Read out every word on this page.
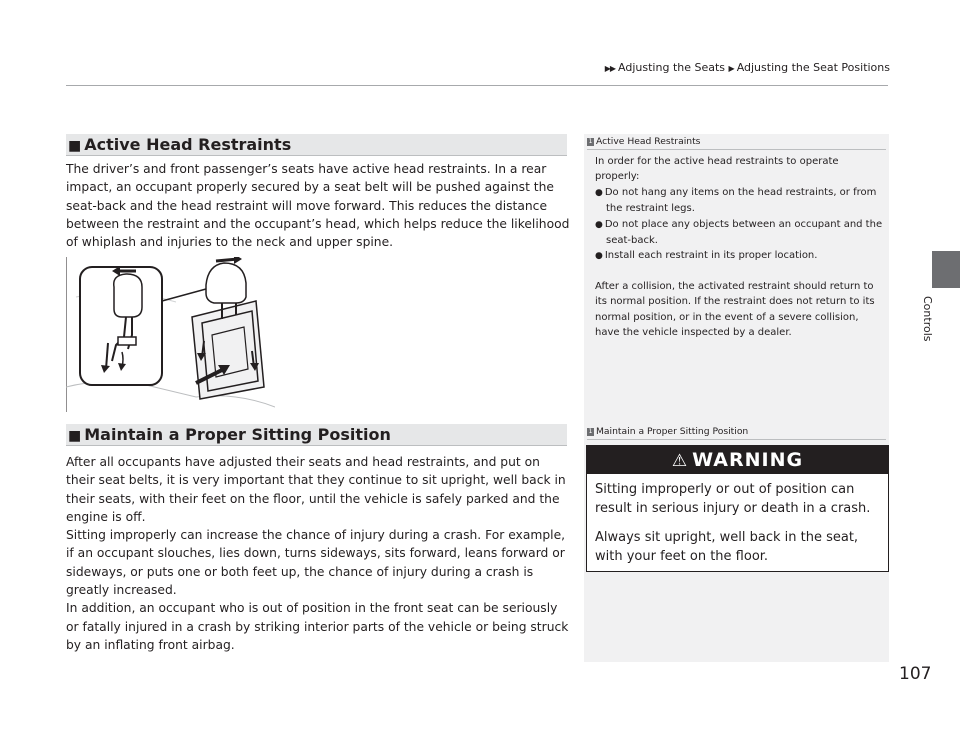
▶▶ Adjusting the Seats ▶ Adjusting the Seat Positions
Controls
■ Active Head Restraints

The driver’s and front passenger’s seats have active head restraints. In a rear impact, an occupant properly secured by a seat belt will be pushed against the seat-back and the head restraint will move forward. This reduces the distance between the restraint and the occupant’s head, which helps reduce the likelihood of whiplash and injuries to the neck and upper spine.

■ Maintain a Proper Sitting Position

After all occupants have adjusted their seats and head restraints, and put on their seat belts, it is very important that they continue to sit upright, well back in their seats, with their feet on the floor, until the vehicle is safely parked and the engine is off.

Sitting improperly can increase the chance of injury during a crash. For example, if an occupant slouches, lies down, turns sideways, sits forward, leans forward or sideways, or puts one or both feet up, the chance of injury during a crash is greatly increased.

In addition, an occupant who is out of position in the front seat can be seriously or fatally injured in a crash by striking interior parts of the vehicle or being struck by an inflating front airbag.

1 Active Head Restraints

In order for the active head restraints to operate properly:

● Do not hang any items on the head restraints, or from the restraint legs.
● Do not place any objects between an occupant and the seat-back.
● Install each restraint in its proper location.

After a collision, the activated restraint should return to its normal position. If the restraint does not return to its normal position, or in the event of a severe collision, have the vehicle inspected by a dealer.

1 Maintain a Proper Sitting Position
⚠ WARNING

Sitting improperly or out of position can result in serious injury or death in a crash.

Always sit upright, well back in the seat, with your feet on the floor.

107
